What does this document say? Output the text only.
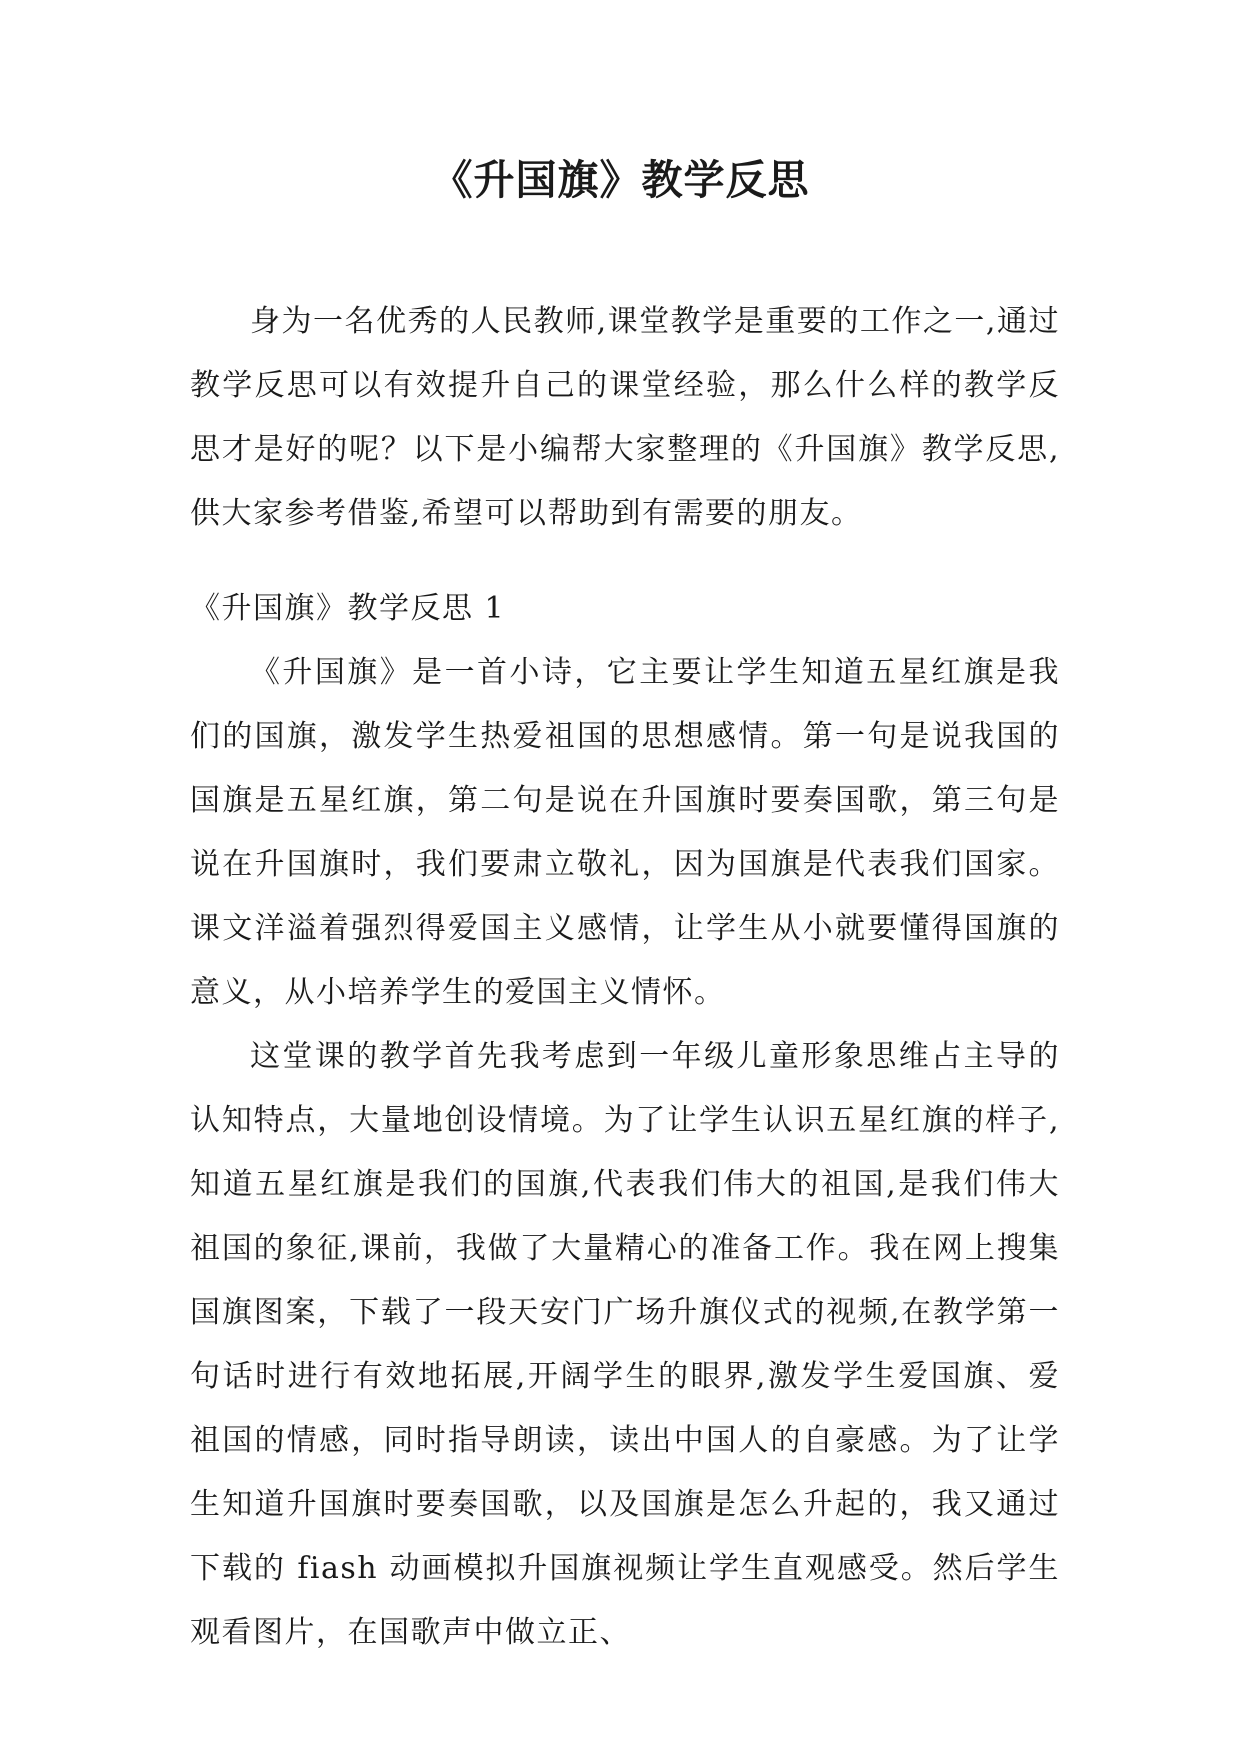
《升国旗》教学反思

身为一名优秀的人民教师,课堂教学是重要的工作之一,通过教学反思可以有效提升自己的课堂经验，那么什么样的教学反思才是好的呢？以下是小编帮大家整理的《升国旗》教学反思,供大家参考借鉴,希望可以帮助到有需要的朋友。

《升国旗》教学反思 1

《升国旗》是一首小诗，它主要让学生知道五星红旗是我们的国旗，激发学生热爱祖国的思想感情。第一句是说我国的国旗是五星红旗，第二句是说在升国旗时要奏国歌，第三句是说在升国旗时，我们要肃立敬礼，因为国旗是代表我们国家。课文洋溢着强烈得爱国主义感情，让学生从小就要懂得国旗的意义，从小培养学生的爱国主义情怀。

这堂课的教学首先我考虑到一年级儿童形象思维占主导的认知特点，大量地创设情境。为了让学生认识五星红旗的样子,知道五星红旗是我们的国旗,代表我们伟大的祖国,是我们伟大祖国的象征,课前，我做了大量精心的准备工作。我在网上搜集国旗图案，下载了一段天安门广场升旗仪式的视频,在教学第一句话时进行有效地拓展,开阔学生的眼界,激发学生爱国旗、爱祖国的情感，同时指导朗读，读出中国人的自豪感。为了让学生知道升国旗时要奏国歌，以及国旗是怎么升起的，我又通过下载的 fiash 动画模拟升国旗视频让学生直观感受。然后学生观看图片，在国歌声中做立正、
